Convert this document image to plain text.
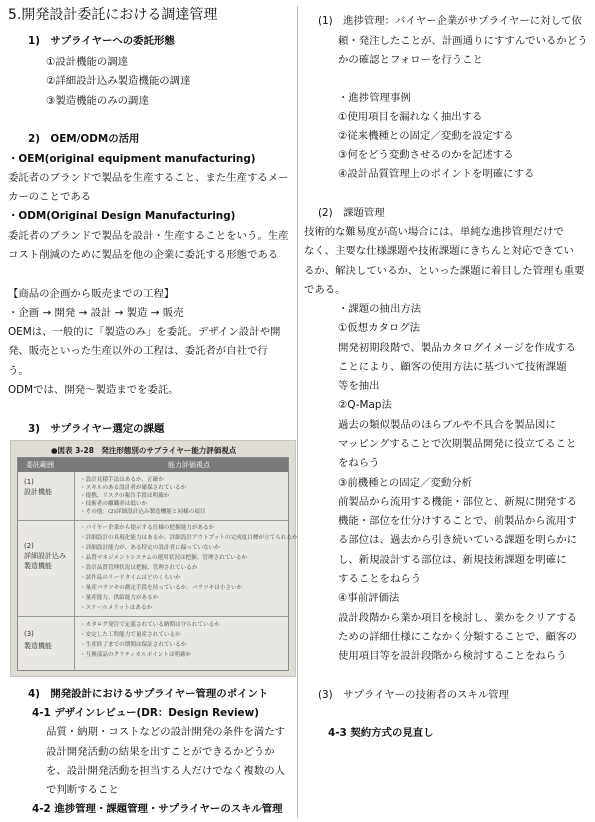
5.開発設計委託における調達管理
1)　サプライヤーへの委託形態
①設計機能の調達
②詳細設計込み製造機能の調達
③製造機能のみの調達
2)　OEM/ODMの活用
・OEM(original equipment manufacturing)
委託者のブランドで製品を生産すること、また生産するメー
カーのことである
・ODM(Original Design Manufacturing)
委託者のブランドで製品を設計・生産することをいう。生産
コスト削減のために製品を他の企業に委託する形態である
【商品の企画から販売までの工程】
・企画 → 開発 → 設計 → 製造 → 販売
OEMは、一般的に「製造のみ」を委託。デザイン設計や開
発、販売といった生産以外の工程は、委託者が自社で行
う。
ODMでは、開発～製造までを委託。
3)　サプライヤー選定の課題
4)　開発設計におけるサプライヤー管理のポイント
4-1 デザインレビュー(DR：Design Review)
品質・納期・コストなどの設計開発の条件を満たす
設計開発活動の結果を出すことができるかどうか
を、設計開発活動を担当する人だけでなく複数の人
で判断すること
4-2 進捗管理・課題管理・サプライヤーのスキル管理
●図表 3-28　発注形態別のサプライヤー能力評価視点
委託範囲	能力評価視点
(1)
設計機能
・設計見積手法はあるか、正確か
・スキルのある設計者が確保されているか
・提携、リスクの報告手段は明確か
・技術者の離職率は低いか
・その他：(2)詳細設計込み製造機能と同様の項目
(2)
詳細設計込み
製造機能
・バイヤー企業から提示する仕様の把握能力があるか
・詳細設計の具現化能力はあるか、詳細設計アウトプットの完成度目標が立てられるか
・詳細設計能力が、ある特定の設計者に偏っていないか
・品質マネジメントシステムの運用状況は把握、管理されているか
・設計品質管理状況は把握、管理されているか
・試作品のリードタイムはどのくらいか
・量産バラツキの測定手段を持っているか、バラツキは小さいか
・量産能力、供給能力があるか
・スケールメリットはあるか
(3)
製造機能
・カタログ発注で定義されている納期は守られているか
・安定した工程能力で量産されているか
・生産終了までの期間は保証されているか
・互換部品のクリティカルポイントは明確か
(1)　進捗管理：バイヤー企業がサプライヤーに対して依
頼・発注したことが、計画通りにすすんでいるかどう
かの確認とフォローを行うこと
・進捗管理事例
①使用項目を漏れなく抽出する
②従来機種との固定／変動を設定する
③何をどう変動させるのかを記述する
④設計品質管理上のポイントを明確にする
(2)　課題管理
技術的な難易度が高い場合には、単純な進捗管理だけで
なく、主要な仕様課題や技術課題にきちんと対応できてい
るか、解決しているか、といった課題に着目した管理も重要
である。
・課題の抽出方法
①仮想カタログ法
開発初期段階で、製品カタログイメージを作成する
ことにより、顧客の使用方法に基づいて技術課題
等を抽出
②Q-Map法
過去の類似製品のほらブルや不具合を製品図に
マッピングすることで次期製品開発に役立てること
をねらう
③前機種との固定／変動分析
前製品から流用する機能・部位と、新規に開発する
機能・部位を仕分けすることで、前製品から流用す
る部位は、過去から引き続いている課題を明らかに
し、新規設計する部位は、新規技術課題を明確に
することをねらう
④事前評価法
設計段階から業か項目を検討し、業かをクリアする
ための詳細仕様にこなかく分類することで、顧客の
使用項目等を設計段階から検討することをねらう
(3)　サプライヤーの技術者のスキル管理
4-3 契約方式の見直し
